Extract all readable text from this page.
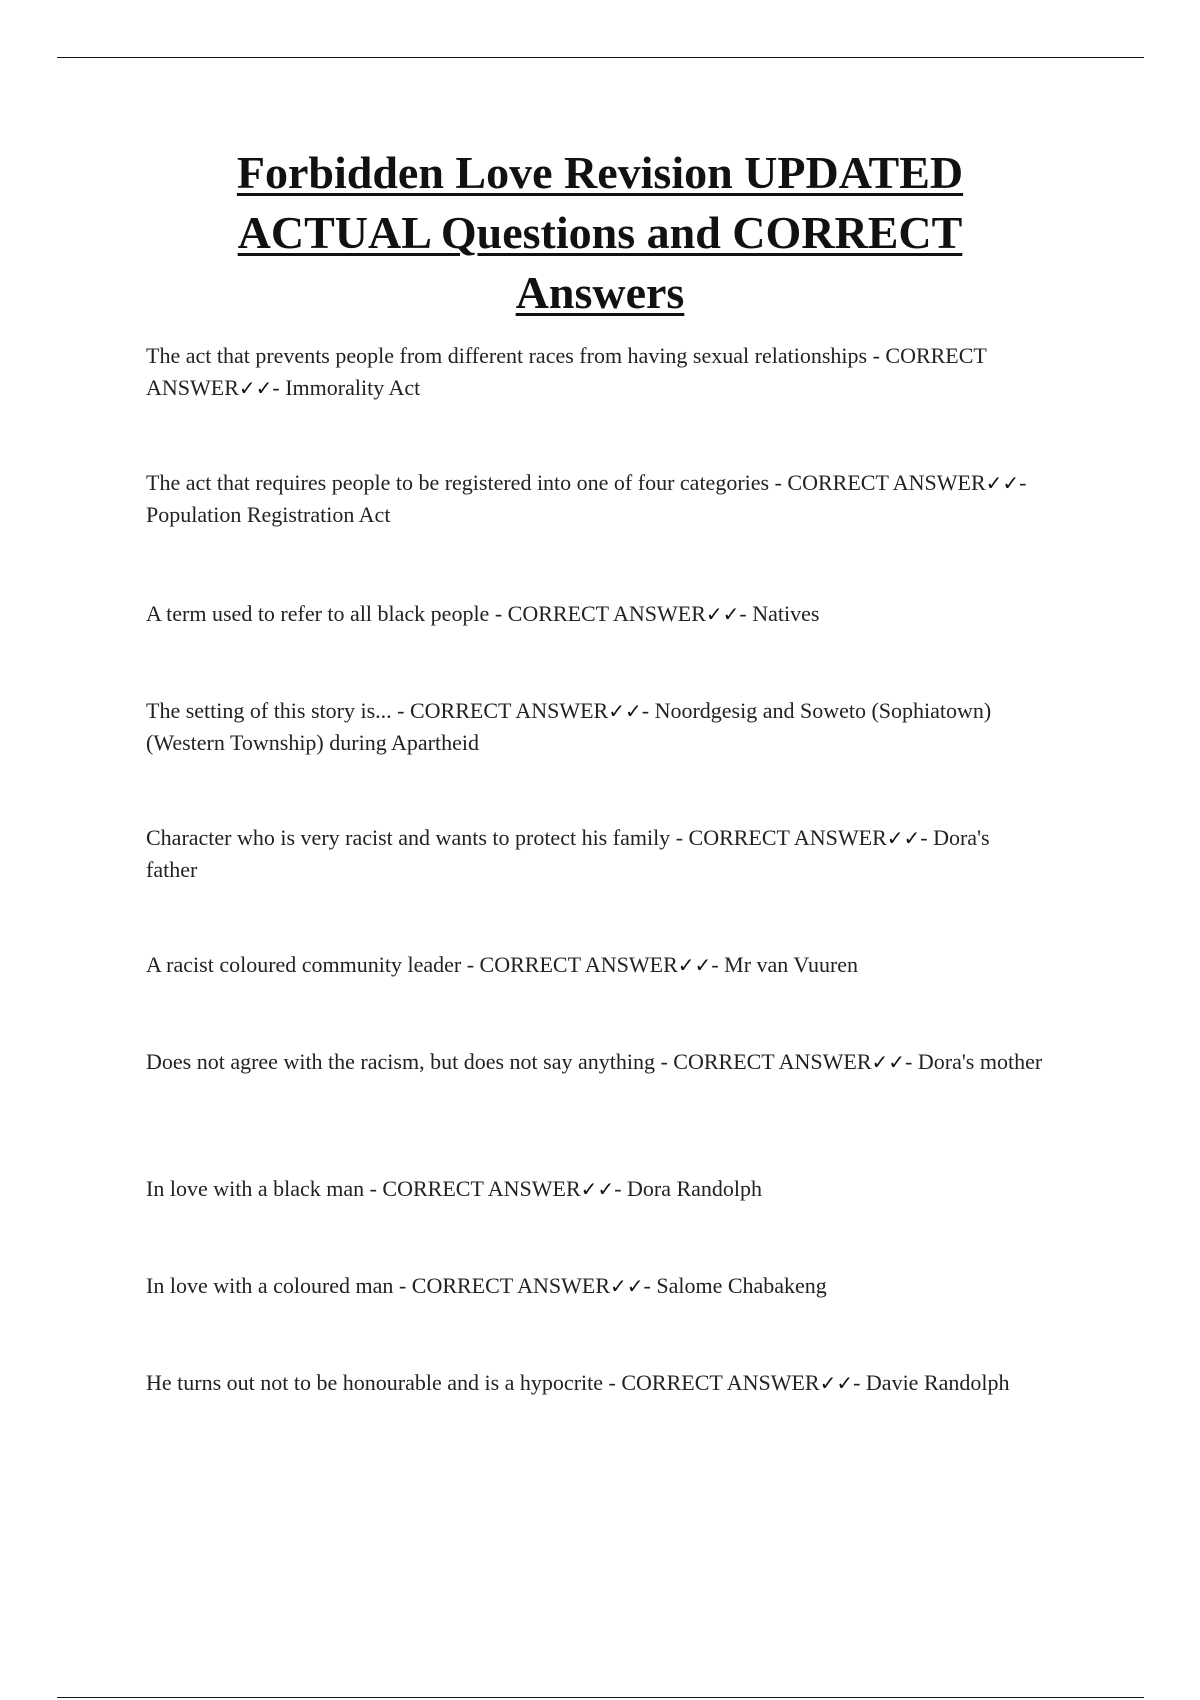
Forbidden Love Revision UPDATED ACTUAL Questions and CORRECT Answers

The act that prevents people from different races from having sexual relationships - CORRECT ANSWER✓✓- Immorality Act

The act that requires people to be registered into one of four categories - CORRECT ANSWER✓✓- Population Registration Act

A term used to refer to all black people - CORRECT ANSWER✓✓- Natives

The setting of this story is... - CORRECT ANSWER✓✓- Noordgesig and Soweto (Sophiatown) (Western Township) during Apartheid

Character who is very racist and wants to protect his family - CORRECT ANSWER✓✓- Dora's father

A racist coloured community leader - CORRECT ANSWER✓✓- Mr van Vuuren

Does not agree with the racism, but does not say anything - CORRECT ANSWER✓✓- Dora's mother

In love with a black man - CORRECT ANSWER✓✓- Dora Randolph

In love with a coloured man - CORRECT ANSWER✓✓- Salome Chabakeng

He turns out not to be honourable and is a hypocrite - CORRECT ANSWER✓✓- Davie Randolph
